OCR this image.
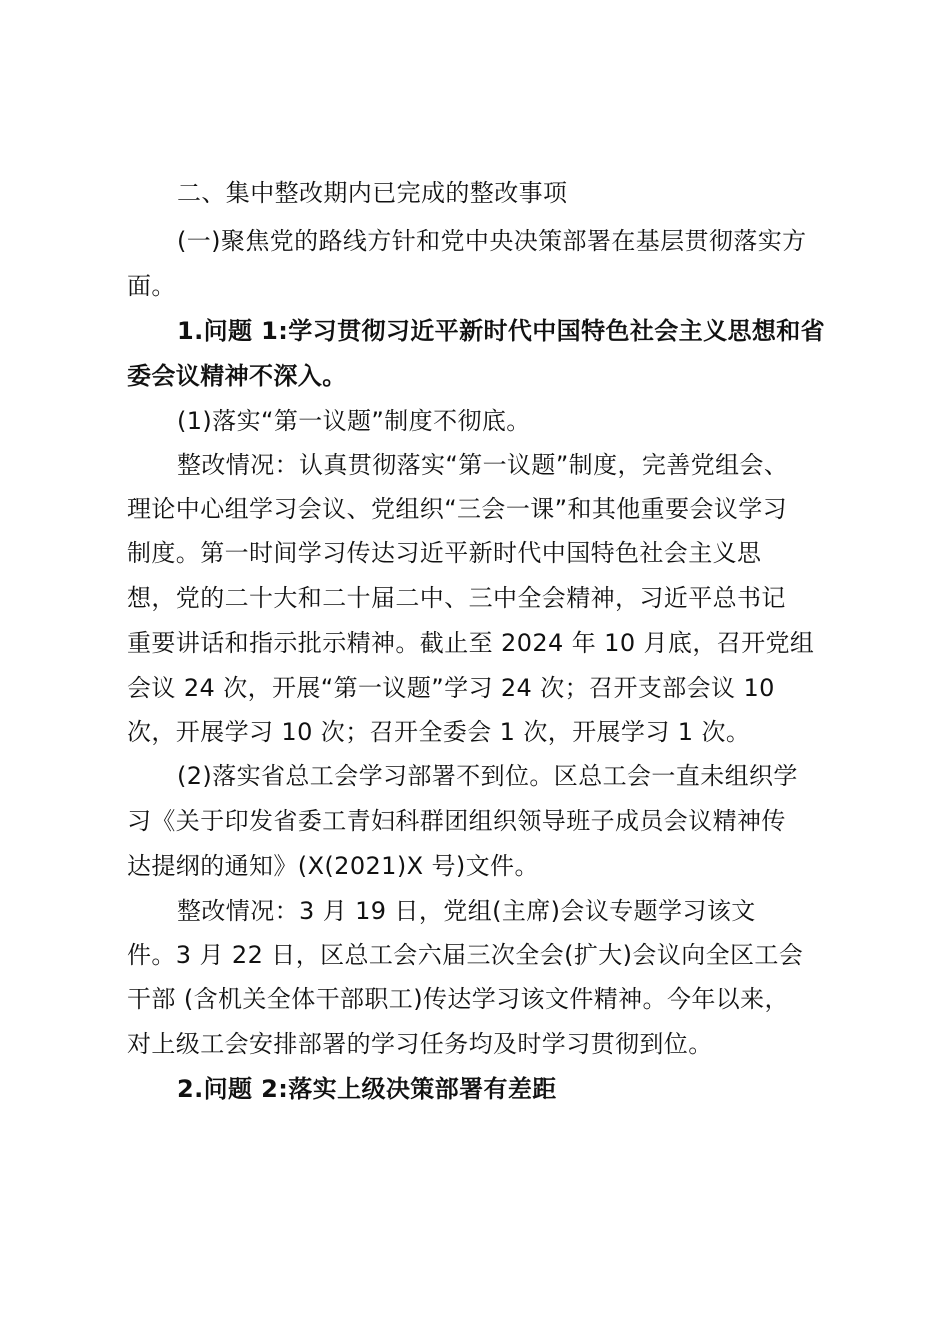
二、集中整改期内已完成的整改事项
(一)聚焦党的路线方针和党中央决策部署在基层贯彻落实方
面。
1.问题 1:学习贯彻习近平新时代中国特色社会主义思想和省
委会议精神不深入。
(1)落实“第一议题”制度不彻底。
整改情况：认真贯彻落实“第一议题”制度，完善党组会、
理论中心组学习会议、党组织“三会一课”和其他重要会议学习
制度。第一时间学习传达习近平新时代中国特色社会主义思
想，党的二十大和二十届二中、三中全会精神，习近平总书记
重要讲话和指示批示精神。截止至 2024 年 10 月底，召开党组
会议 24 次，开展“第一议题”学习 24 次；召开支部会议 10
次，开展学习 10 次；召开全委会 1 次，开展学习 1 次。
(2)落实省总工会学习部署不到位。区总工会一直未组织学
习《关于印发省委工青妇科群团组织领导班子成员会议精神传
达提纲的通知》(X(2021)X 号)文件。
整改情况：3 月 19 日，党组(主席)会议专题学习该文
件。3 月 22 日，区总工会六届三次全会(扩大)会议向全区工会
干部 (含机关全体干部职工)传达学习该文件精神。今年以来，
对上级工会安排部署的学习任务均及时学习贯彻到位。
2.问题 2:落实上级决策部署有差距
